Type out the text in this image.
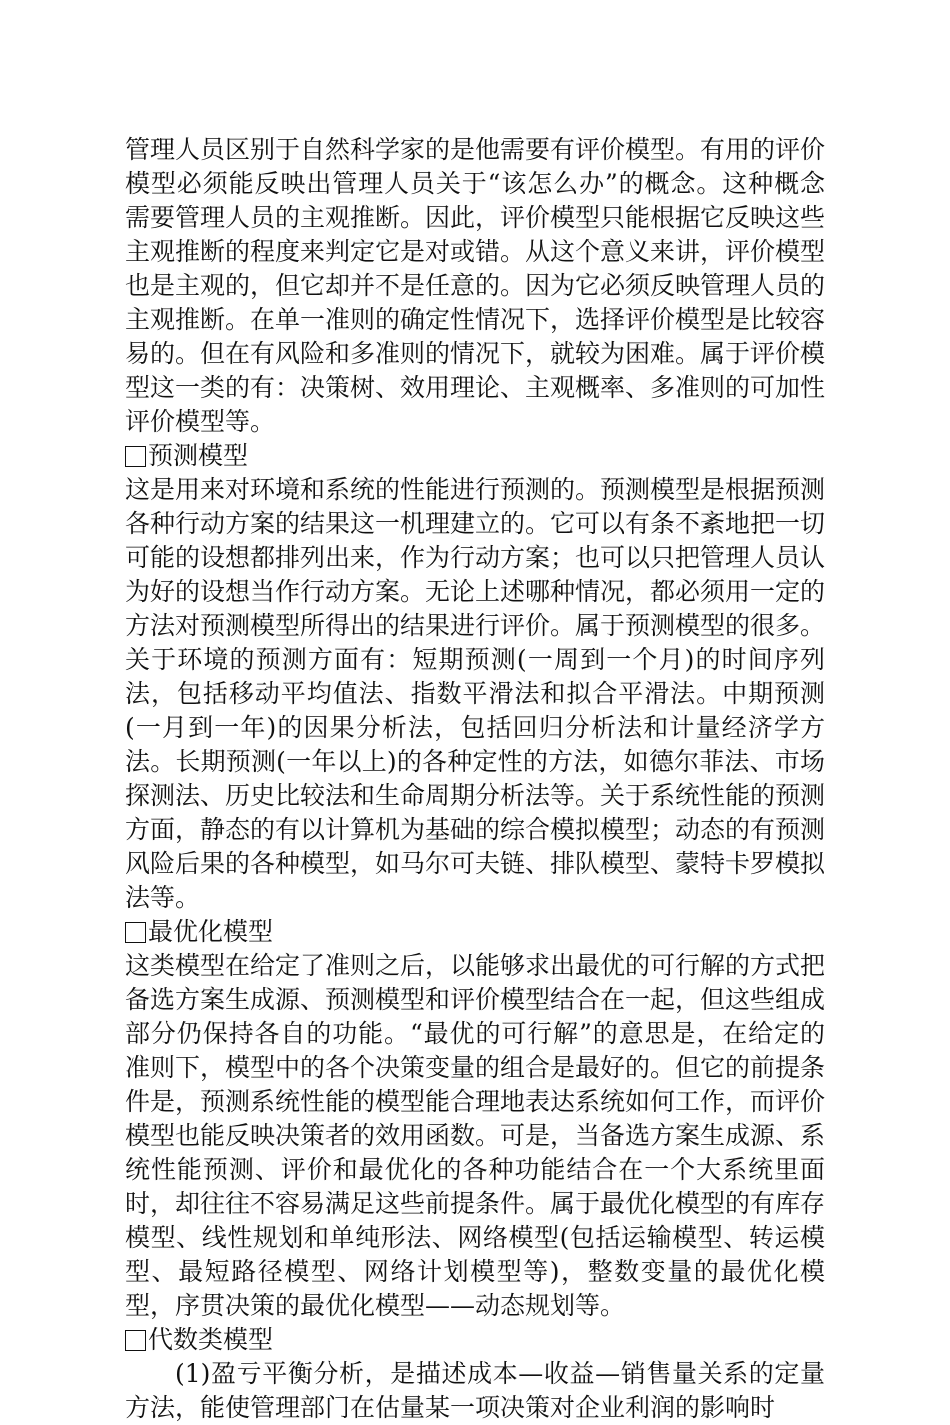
管理人员区别于自然科学家的是他需要有评价模型。有用的评价模型必须能反映出管理人员关于“该怎么办”的概念。这种概念需要管理人员的主观推断。因此，评价模型只能根据它反映这些主观推断的程度来判定它是对或错。从这个意义来讲，评价模型也是主观的，但它却并不是任意的。因为它必须反映管理人员的主观推断。在单一准则的确定性情况下，选择评价模型是比较容易的。但在有风险和多准则的情况下，就较为困难。属于评价模型这一类的有：决策树、效用理论、主观概率、多准则的可加性评价模型等。

预测模型

这是用来对环境和系统的性能进行预测的。预测模型是根据预测各种行动方案的结果这一机理建立的。它可以有条不紊地把一切可能的设想都排列出来，作为行动方案；也可以只把管理人员认为好的设想当作行动方案。无论上述哪种情况，都必须用一定的方法对预测模型所得出的结果进行评价。属于预测模型的很多。关于环境的预测方面有：短期预测(一周到一个月)的时间序列法，包括移动平均值法、指数平滑法和拟合平滑法。中期预测(一月到一年)的因果分析法，包括回归分析法和计量经济学方法。长期预测(一年以上)的各种定性的方法，如德尔菲法、市场探测法、历史比较法和生命周期分析法等。关于系统性能的预测方面，静态的有以计算机为基础的综合模拟模型；动态的有预测风险后果的各种模型，如马尔可夫链、排队模型、蒙特卡罗模拟法等。

最优化模型

这类模型在给定了准则之后，以能够求出最优的可行解的方式把备选方案生成源、预测模型和评价模型结合在一起，但这些组成部分仍保持各自的功能。“最优的可行解”的意思是，在给定的准则下，模型中的各个决策变量的组合是最好的。但它的前提条件是，预测系统性能的模型能合理地表达系统如何工作，而评价模型也能反映决策者的效用函数。可是，当备选方案生成源、系统性能预测、评价和最优化的各种功能结合在一个大系统里面时，却往往不容易满足这些前提条件。属于最优化模型的有库存模型、线性规划和单纯形法、网络模型(包括运输模型、转运模型、最短路径模型、网络计划模型等)，整数变量的最优化模型，序贯决策的最优化模型——动态规划等。

代数类模型

(1)盈亏平衡分析，是描述成本—收益—销售量关系的定量方法，能使管理部门在估量某一项决策对企业利润的影响时
